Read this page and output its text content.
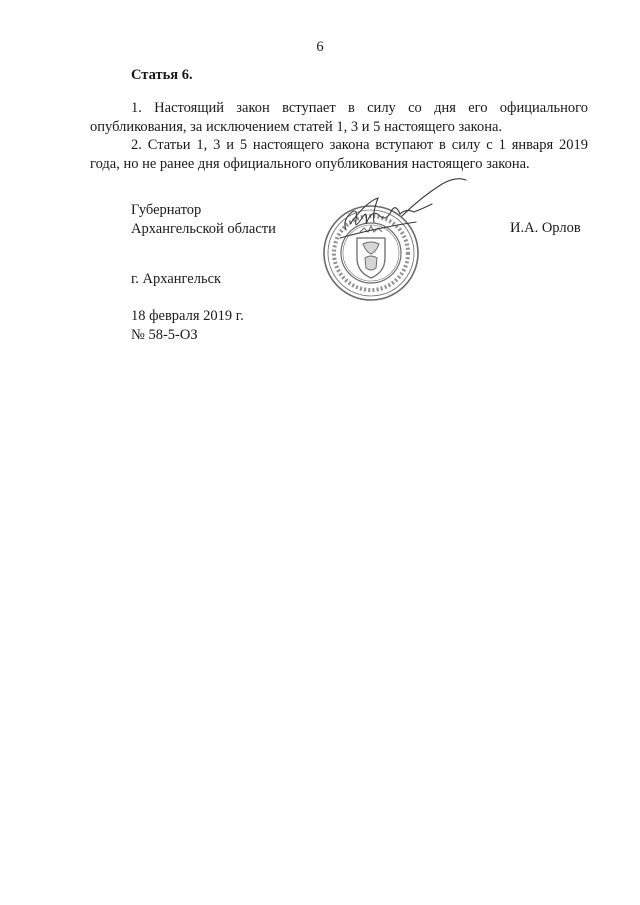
6
Статья 6.

1. Настоящий закон вступает в силу со дня его официального опубликования, за исключением статей 1, 3 и 5 настоящего закона.

2. Статьи 1, 3 и 5 настоящего закона вступают в силу с 1 января 2019 года, но не ранее дня официального опубликования настоящего закона.

Губернатор
Архангельской области	И.А. Орлов
г. Архангельск
18 февраля 2019 г.
№ 58-5-ОЗ
